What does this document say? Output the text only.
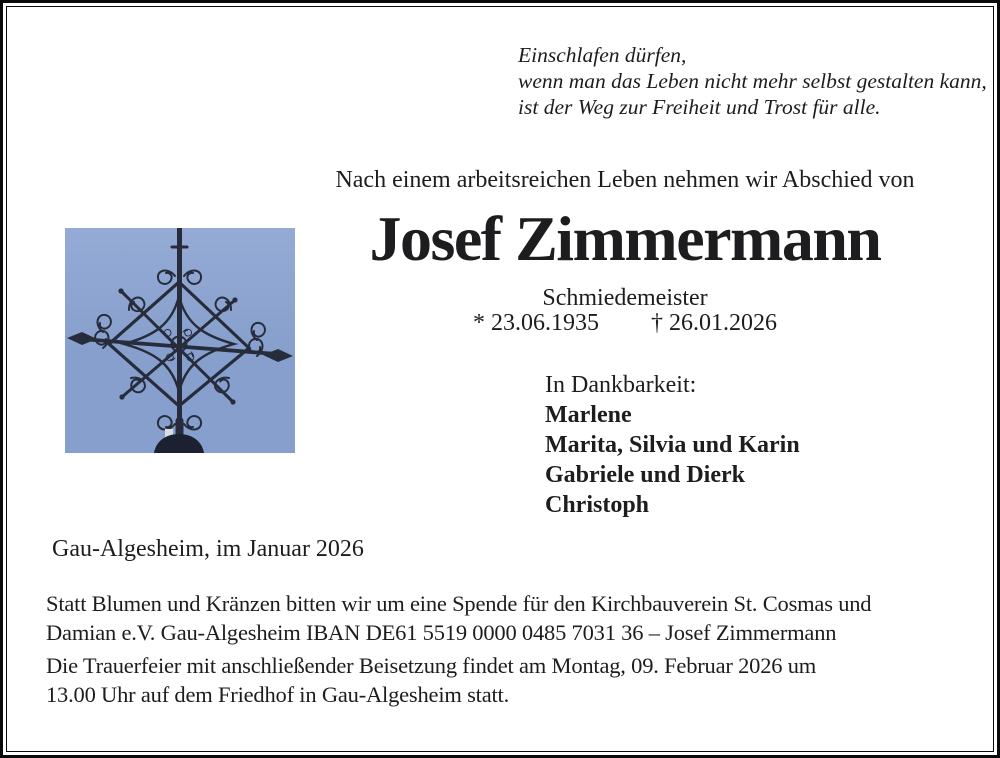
Einschlafen dürfen,
wenn man das Leben nicht mehr selbst gestalten kann,
ist der Weg zur Freiheit und Trost für alle.
Nach einem arbeitsreichen Leben nehmen wir Abschied von
Josef Zimmermann
Schmiedemeister
* 23.06.1935 † 26.01.2026
In Dankbarkeit:
Marlene
Marita, Silvia und Karin
Gabriele und Dierk
Christoph
Gau-Algesheim, im Januar 2026
Statt Blumen und Kränzen bitten wir um eine Spende für den Kirchbauverein St. Cosmas und
Damian e.V. Gau-Algesheim IBAN DE61 5519 0000 0485 7031 36 – Josef Zimmermann
Die Trauerfeier mit anschließender Beisetzung findet am Montag, 09. Februar 2026 um
13.00 Uhr auf dem Friedhof in Gau-Algesheim statt.
